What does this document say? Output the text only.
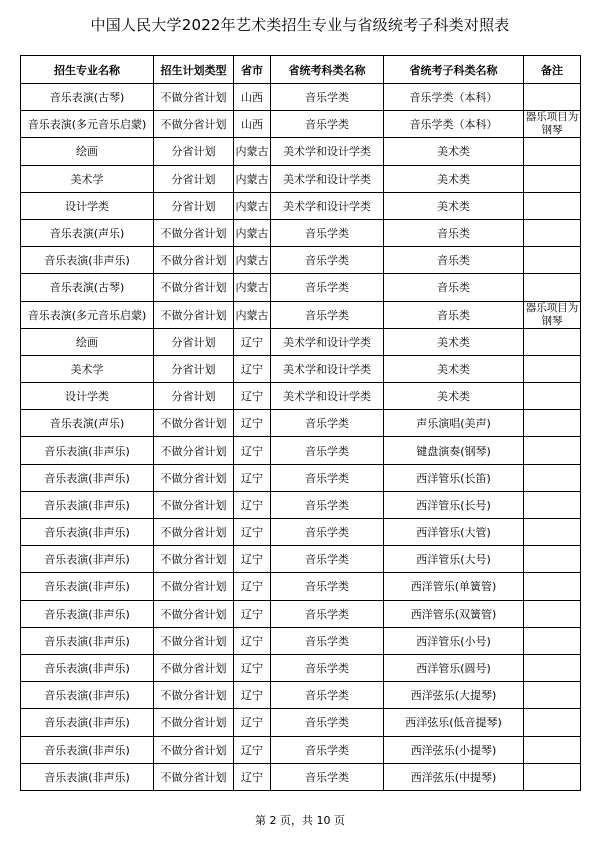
中国人民大学2022年艺术类招生专业与省级统考子科类对照表
招生专业名称	招生计划类型	省市	省统考科类名称	省统考子科类名称	备注
音乐表演(古琴)	不做分省计划	山西	音乐学类	音乐学类（本科）	
音乐表演(多元音乐启蒙)	不做分省计划	山西	音乐学类	音乐学类（本科）	器乐项目为钢琴
绘画	分省计划	内蒙古	美术学和设计学类	美术类	
美术学	分省计划	内蒙古	美术学和设计学类	美术类	
设计学类	分省计划	内蒙古	美术学和设计学类	美术类	
音乐表演(声乐)	不做分省计划	内蒙古	音乐学类	音乐类	
音乐表演(非声乐)	不做分省计划	内蒙古	音乐学类	音乐类	
音乐表演(古琴)	不做分省计划	内蒙古	音乐学类	音乐类	
音乐表演(多元音乐启蒙)	不做分省计划	内蒙古	音乐学类	音乐类	器乐项目为钢琴
绘画	分省计划	辽宁	美术学和设计学类	美术类	
美术学	分省计划	辽宁	美术学和设计学类	美术类	
设计学类	分省计划	辽宁	美术学和设计学类	美术类	
音乐表演(声乐)	不做分省计划	辽宁	音乐学类	声乐演唱(美声)	
音乐表演(非声乐)	不做分省计划	辽宁	音乐学类	键盘演奏(钢琴)	
音乐表演(非声乐)	不做分省计划	辽宁	音乐学类	西洋管乐(长笛)	
音乐表演(非声乐)	不做分省计划	辽宁	音乐学类	西洋管乐(长号)	
音乐表演(非声乐)	不做分省计划	辽宁	音乐学类	西洋管乐(大管)	
音乐表演(非声乐)	不做分省计划	辽宁	音乐学类	西洋管乐(大号)	
音乐表演(非声乐)	不做分省计划	辽宁	音乐学类	西洋管乐(单簧管)	
音乐表演(非声乐)	不做分省计划	辽宁	音乐学类	西洋管乐(双簧管)	
音乐表演(非声乐)	不做分省计划	辽宁	音乐学类	西洋管乐(小号)	
音乐表演(非声乐)	不做分省计划	辽宁	音乐学类	西洋管乐(圆号)	
音乐表演(非声乐)	不做分省计划	辽宁	音乐学类	西洋弦乐(大提琴)	
音乐表演(非声乐)	不做分省计划	辽宁	音乐学类	西洋弦乐(低音提琴)	
音乐表演(非声乐)	不做分省计划	辽宁	音乐学类	西洋弦乐(小提琴)	
音乐表演(非声乐)	不做分省计划	辽宁	音乐学类	西洋弦乐(中提琴)	
第 2 页，共 10 页
